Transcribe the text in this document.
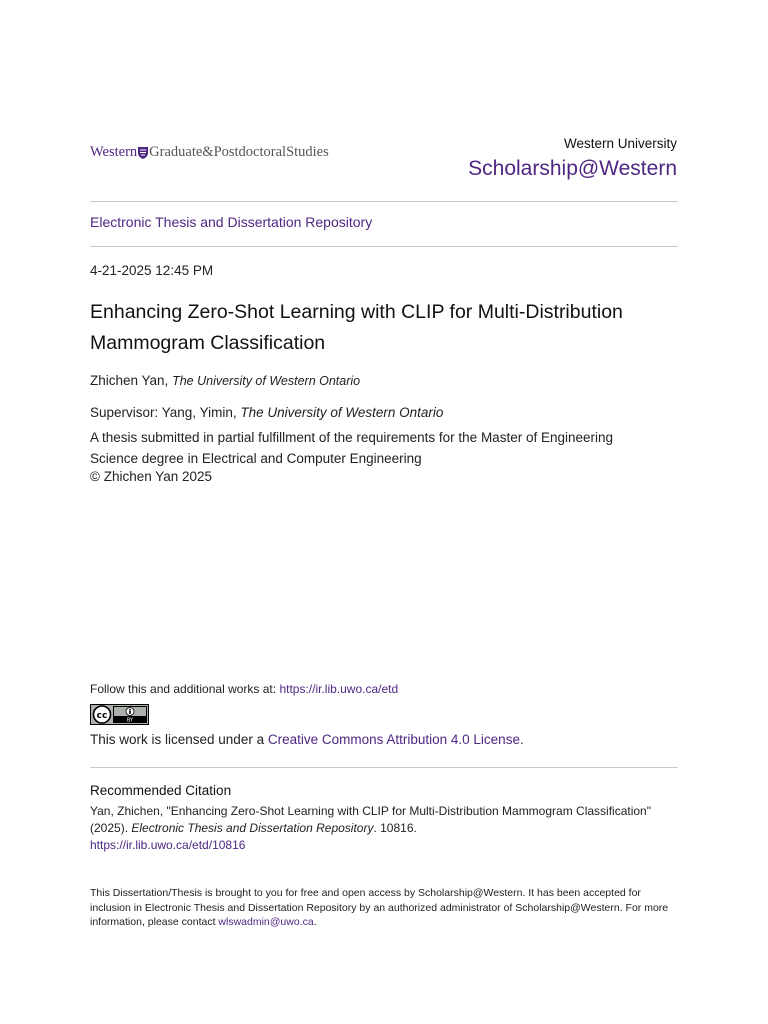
Western Graduate&PostdoctoralStudies
Western University
Scholarship@Western
Electronic Thesis and Dissertation Repository
4-21-2025 12:45 PM
Enhancing Zero-Shot Learning with CLIP for Multi-Distribution Mammogram Classification
Zhichen Yan, The University of Western Ontario
Supervisor: Yang, Yimin, The University of Western Ontario
A thesis submitted in partial fulfillment of the requirements for the Master of Engineering Science degree in Electrical and Computer Engineering
© Zhichen Yan 2025
Follow this and additional works at: https://ir.lib.uwo.ca/etd
cc	BY
This work is licensed under a Creative Commons Attribution 4.0 License.
Recommended Citation
Yan, Zhichen, "Enhancing Zero-Shot Learning with CLIP for Multi-Distribution Mammogram Classification" (2025). Electronic Thesis and Dissertation Repository. 10816.
https://ir.lib.uwo.ca/etd/10816
This Dissertation/Thesis is brought to you for free and open access by Scholarship@Western. It has been accepted for inclusion in Electronic Thesis and Dissertation Repository by an authorized administrator of Scholarship@Western. For more information, please contact wlswadmin@uwo.ca.
